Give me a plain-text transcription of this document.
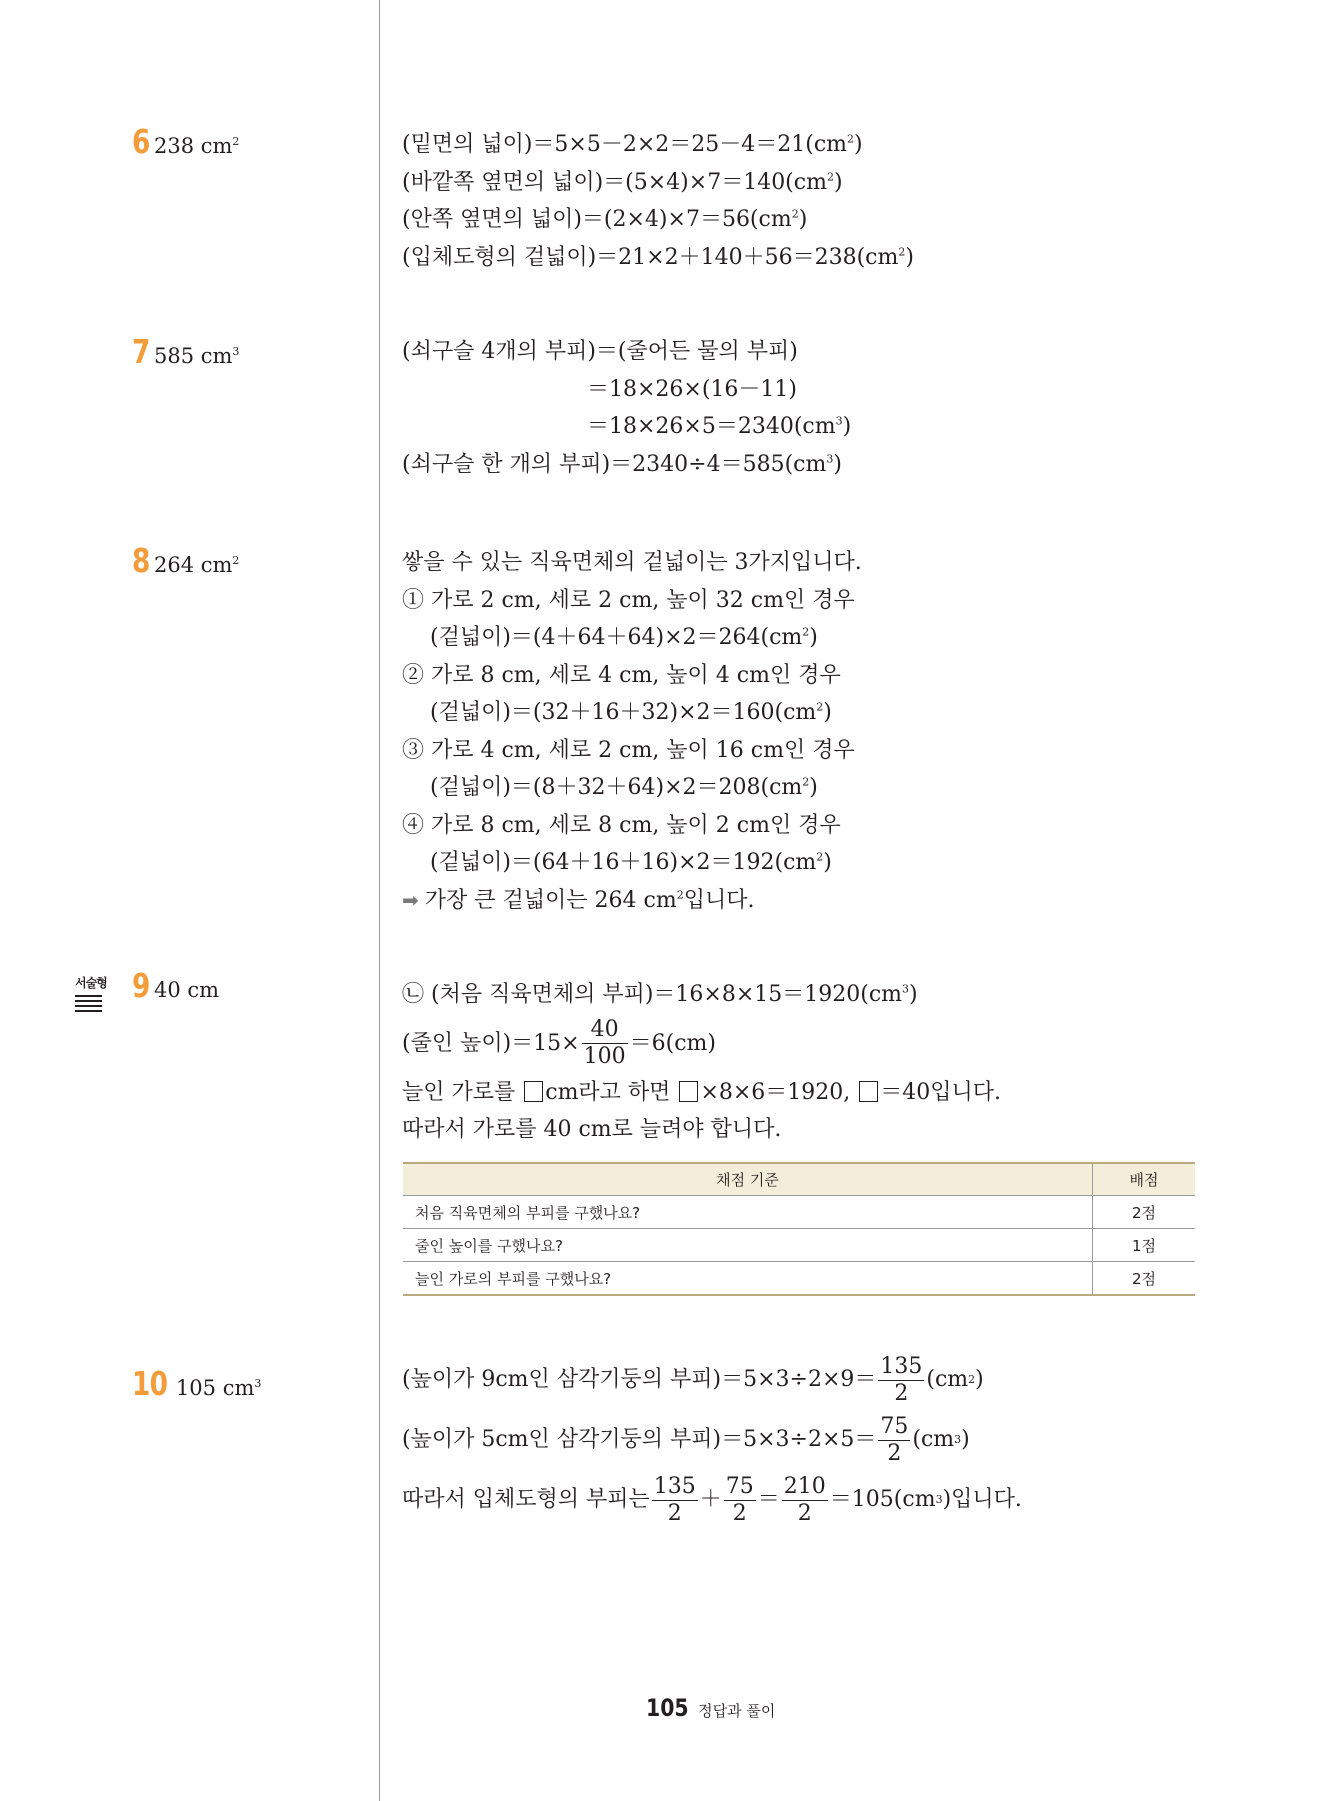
6 238 $cm^2$	(밑면의 넓이)$=5\times 5-2\times 2=25-4=21(cm^2)$
(바깥쪽 옆면의 넓이)$=(5\times 4)\times 7=140(cm^2)$
(안쪽 옆면의 넓이)$=(2\times 4)\times 7=56(cm^2)$
(입체도형의 겉넓이)$=21\times 2+140+56=238(cm^2)$
7 585 $cm^3$	(쇠구슬 4개의 부피)＝(줄어든 물의 부피)
＝18×26×(16－11)
$=18\times 26\times 5=2340(cm^3)$
(쇠구슬 한 개의 부피)$=2340\div 4=585(cm^3)$
8 264 $cm^2$	쌓을 수 있는 직육면체의 겉넓이는 3가지입니다.
① 가로 2 cm, 세로 2 cm, 높이 32 cm인 경우
(겉넓이)$=(4+64+64)\times 2=264(cm^2)$
② 가로 8 cm, 세로 4 cm, 높이 4 cm인 경우
(겉넓이)$=(32+16+32)\times 2=160(cm^2)$
③ 가로 4 cm, 세로 2 cm, 높이 16 cm인 경우
(겉넓이)$=(8+32+64)\times 2=208(cm^2)$
④ 가로 8 cm, 세로 8 cm, 높이 2 cm인 경우
(겉넓이)$=(64+16+16)\times 2=192(cm^2)$
➡ 가장 큰 겉넓이는 264 $cm^2$입니다.
서술형 9 40 cm	㉡ (처음 직육면체의 부피)$=16\times 8\times 15=1920(cm^3)$
(줄인 높이)$=15\times \frac{40}{100} =6(cm)$
늘인 가로를 cm라고 하면 ×8×6＝1920, ＝40입니다.
따라서 가로를 40 cm로 늘려야 합니다.
채점 기준	배점
처음 직육면체의 부피를 구했나요?	2점
줄인 높이를 구했나요?	1점
늘인 가로의 부피를 구했나요?	2점
10 105 $cm^3$	(높이가 9cm인 삼각기둥의 부피)$=5\times 3\div 2\times 9= \frac{135}{2} (cm$ 2 )
(높이가 5cm인 삼각기둥의 부피)$=5\times 3\div 2\times 5= \frac{75}{2} (cm$ 3 )
따라서 입체도형의 부피는 $\frac{135}{2} + \frac{75}{2} = \frac{210}{2} =105(cm$ 3 )입니다.
105 정답과 풀이
